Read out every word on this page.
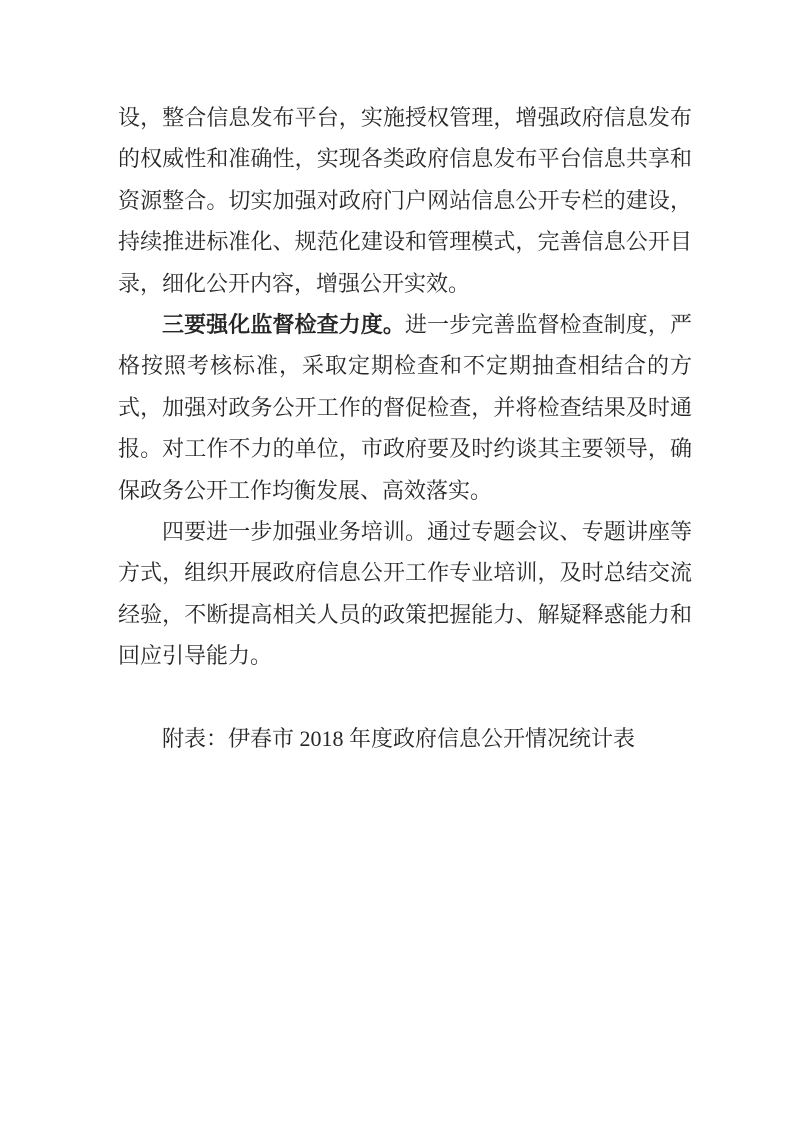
设，整合信息发布平台，实施授权管理，增强政府信息发布的权威性和准确性，实现各类政府信息发布平台信息共享和资源整合。切实加强对政府门户网站信息公开专栏的建设，持续推进标准化、规范化建设和管理模式，完善信息公开目录，细化公开内容，增强公开实效。

三要强化监督检查力度。进一步完善监督检查制度，严格按照考核标准，采取定期检查和不定期抽查相结合的方式，加强对政务公开工作的督促检查，并将检查结果及时通报。对工作不力的单位，市政府要及时约谈其主要领导，确保政务公开工作均衡发展、高效落实。

四要进一步加强业务培训。通过专题会议、专题讲座等方式，组织开展政府信息公开工作专业培训，及时总结交流经验，不断提高相关人员的政策把握能力、解疑释惑能力和回应引导能力。

附表：伊春市 2018 年度政府信息公开情况统计表
